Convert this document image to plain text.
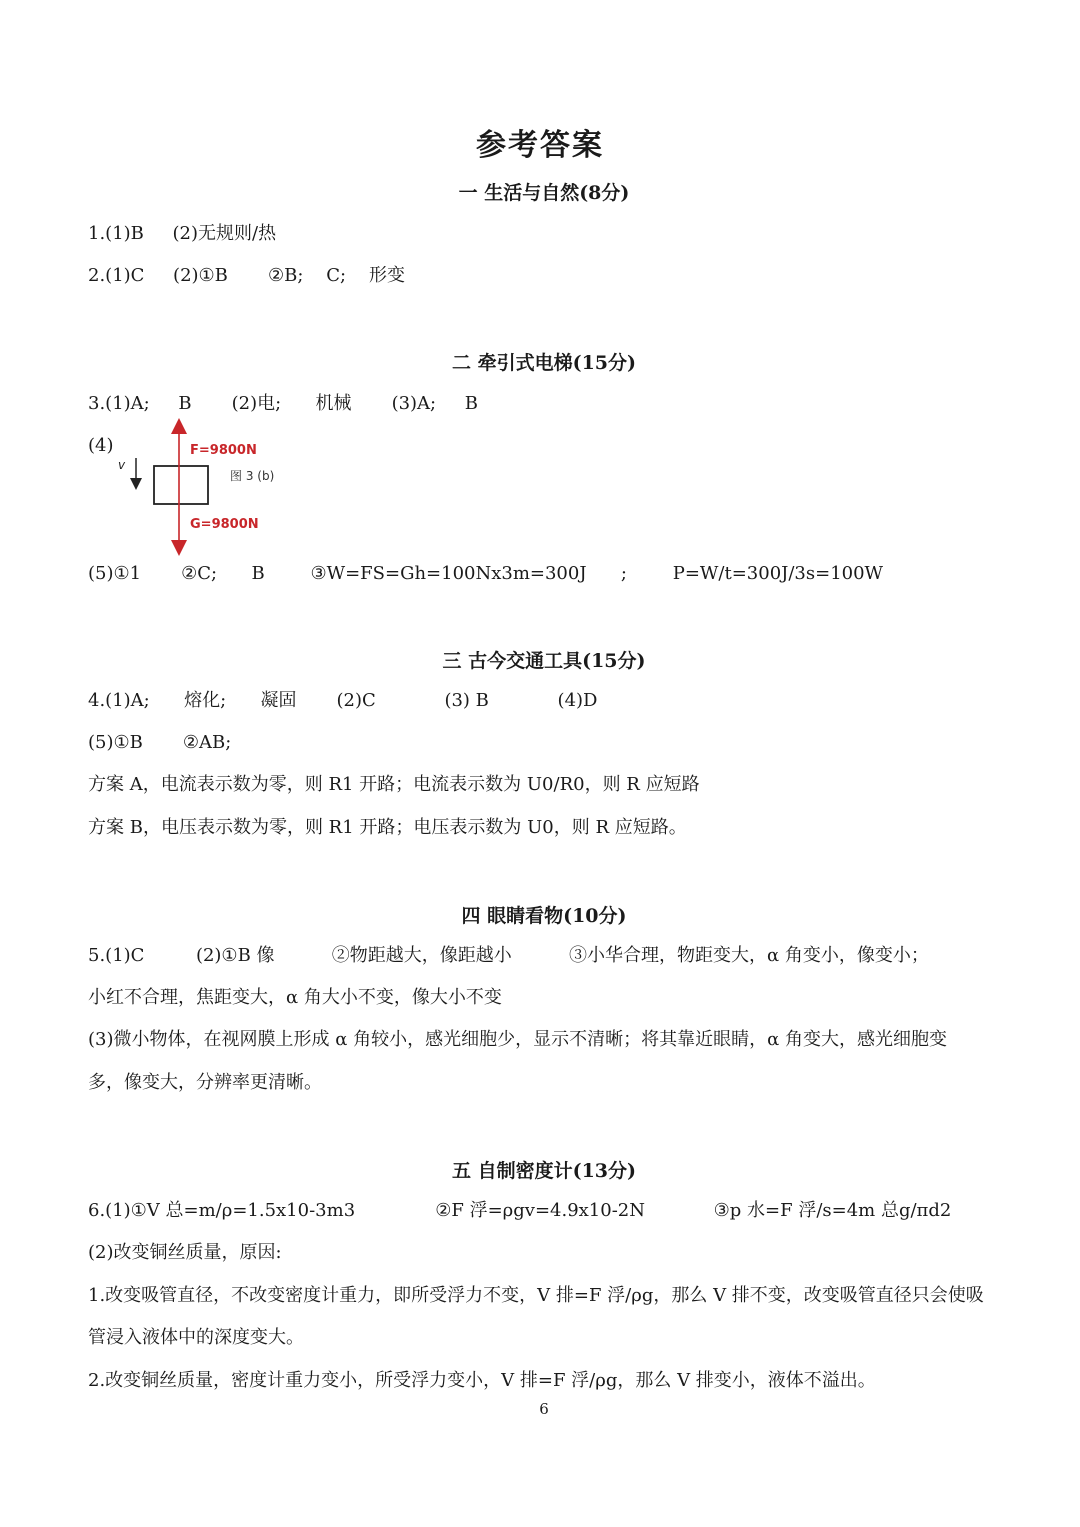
参考答案
一 生活与自然(8分)
1.(1)B     (2)无规则/热
2.(1)C     (2)①B       ②B;    C;    形变
二 牵引式电梯(15分)
3.(1)A;     B       (2)电;      机械       (3)A;     B
(4)
v
F=9800N
图 3 (b)
G=9800N
(5)①1       ②C;      B        ③W=FS=Gh=100Nx3m=300J      ;        P=W/t=300J/3s=100W
三 古今交通工具(15分)
4.(1)A;      熔化;      凝固       (2)C            (3) B            (4)D
(5)①B       ②AB;
方案 A，电流表示数为零，则 R1 开路；电流表示数为 U0/R0，则 R 应短路
方案 B，电压表示数为零，则 R1 开路；电压表示数为 U0，则 R 应短路。
四 眼睛看物(10分)
5.(1)C         (2)①B 像          ②物距越大，像距越小          ③小华合理，物距变大，α 角变小，像变小；
小红不合理，焦距变大，α 角大小不变，像大小不变
(3)微小物体，在视网膜上形成 α 角较小，感光细胞少，显示不清晰；将其靠近眼睛，α 角变大，感光细胞变
多，像变大，分辨率更清晰。
五 自制密度计(13分)
6.(1)①V 总=m/ρ=1.5x10-3m3              ②F 浮=ρgv=4.9x10-2N            ③p 水=F 浮/s=4m 总g/πd2
(2)改变铜丝质量，原因:
1.改变吸管直径，不改变密度计重力，即所受浮力不变，V 排=F 浮/ρg，那么 V 排不变，改变吸管直径只会使吸
管浸入液体中的深度变大。
2.改变铜丝质量，密度计重力变小，所受浮力变小，V 排=F 浮/ρg，那么 V 排变小，液体不溢出。
6
